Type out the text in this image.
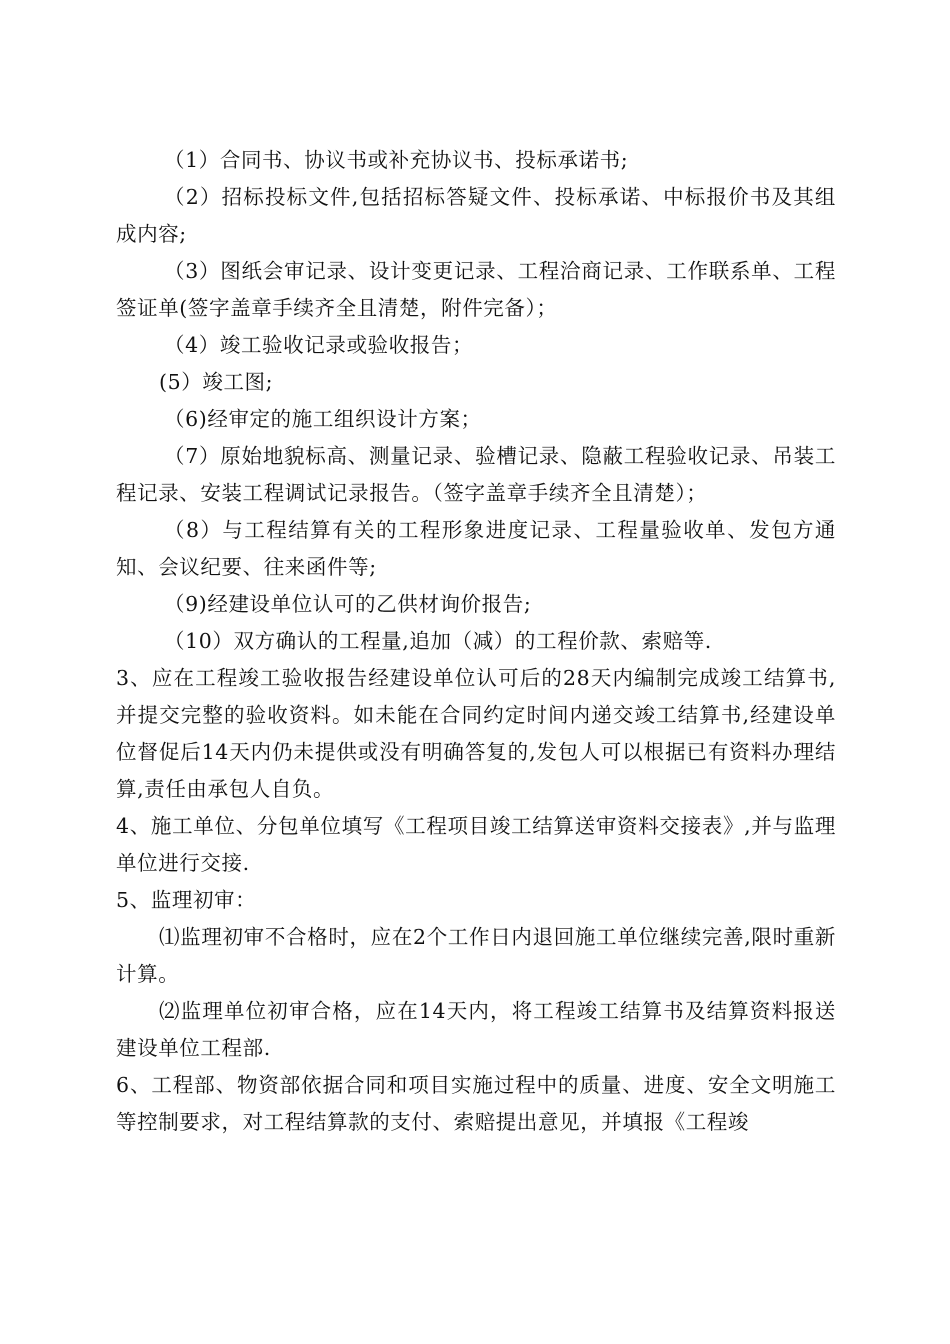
（1）合同书、协议书或补充协议书、投标承诺书;

（2）招标投标文件,包括招标答疑文件、投标承诺、中标报价书及其组成内容;

（3）图纸会审记录、设计变更记录、工程洽商记录、工作联系单、工程签证单(签字盖章手续齐全且清楚，附件完备）；

（4）竣工验收记录或验收报告；

(5）竣工图;

（6)经审定的施工组织设计方案；

（7）原始地貌标高、测量记录、验槽记录、隐蔽工程验收记录、吊装工程记录、安装工程调试记录报告。（签字盖章手续齐全且清楚）；

（8）与工程结算有关的工程形象进度记录、工程量验收单、发包方通知、会议纪要、往来函件等;

（9)经建设单位认可的乙供材询价报告;

（10）双方确认的工程量,追加（减）的工程价款、索赔等.

3、应在工程竣工验收报告经建设单位认可后的28天内编制完成竣工结算书,并提交完整的验收资料。如未能在合同约定时间内递交竣工结算书,经建设单位督促后14天内仍未提供或没有明确答复的,发包人可以根据已有资料办理结算,责任由承包人自负。

4、施工单位、分包单位填写《工程项目竣工结算送审资料交接表》,并与监理单位进行交接.

5、监理初审：

⑴监理初审不合格时，应在2个工作日内退回施工单位继续完善,限时重新计算。

⑵监理单位初审合格，应在14天内，将工程竣工结算书及结算资料报送建设单位工程部.

6、工程部、物资部依据合同和项目实施过程中的质量、进度、安全文明施工等控制要求，对工程结算款的支付、索赔提出意见，并填报《工程竣
